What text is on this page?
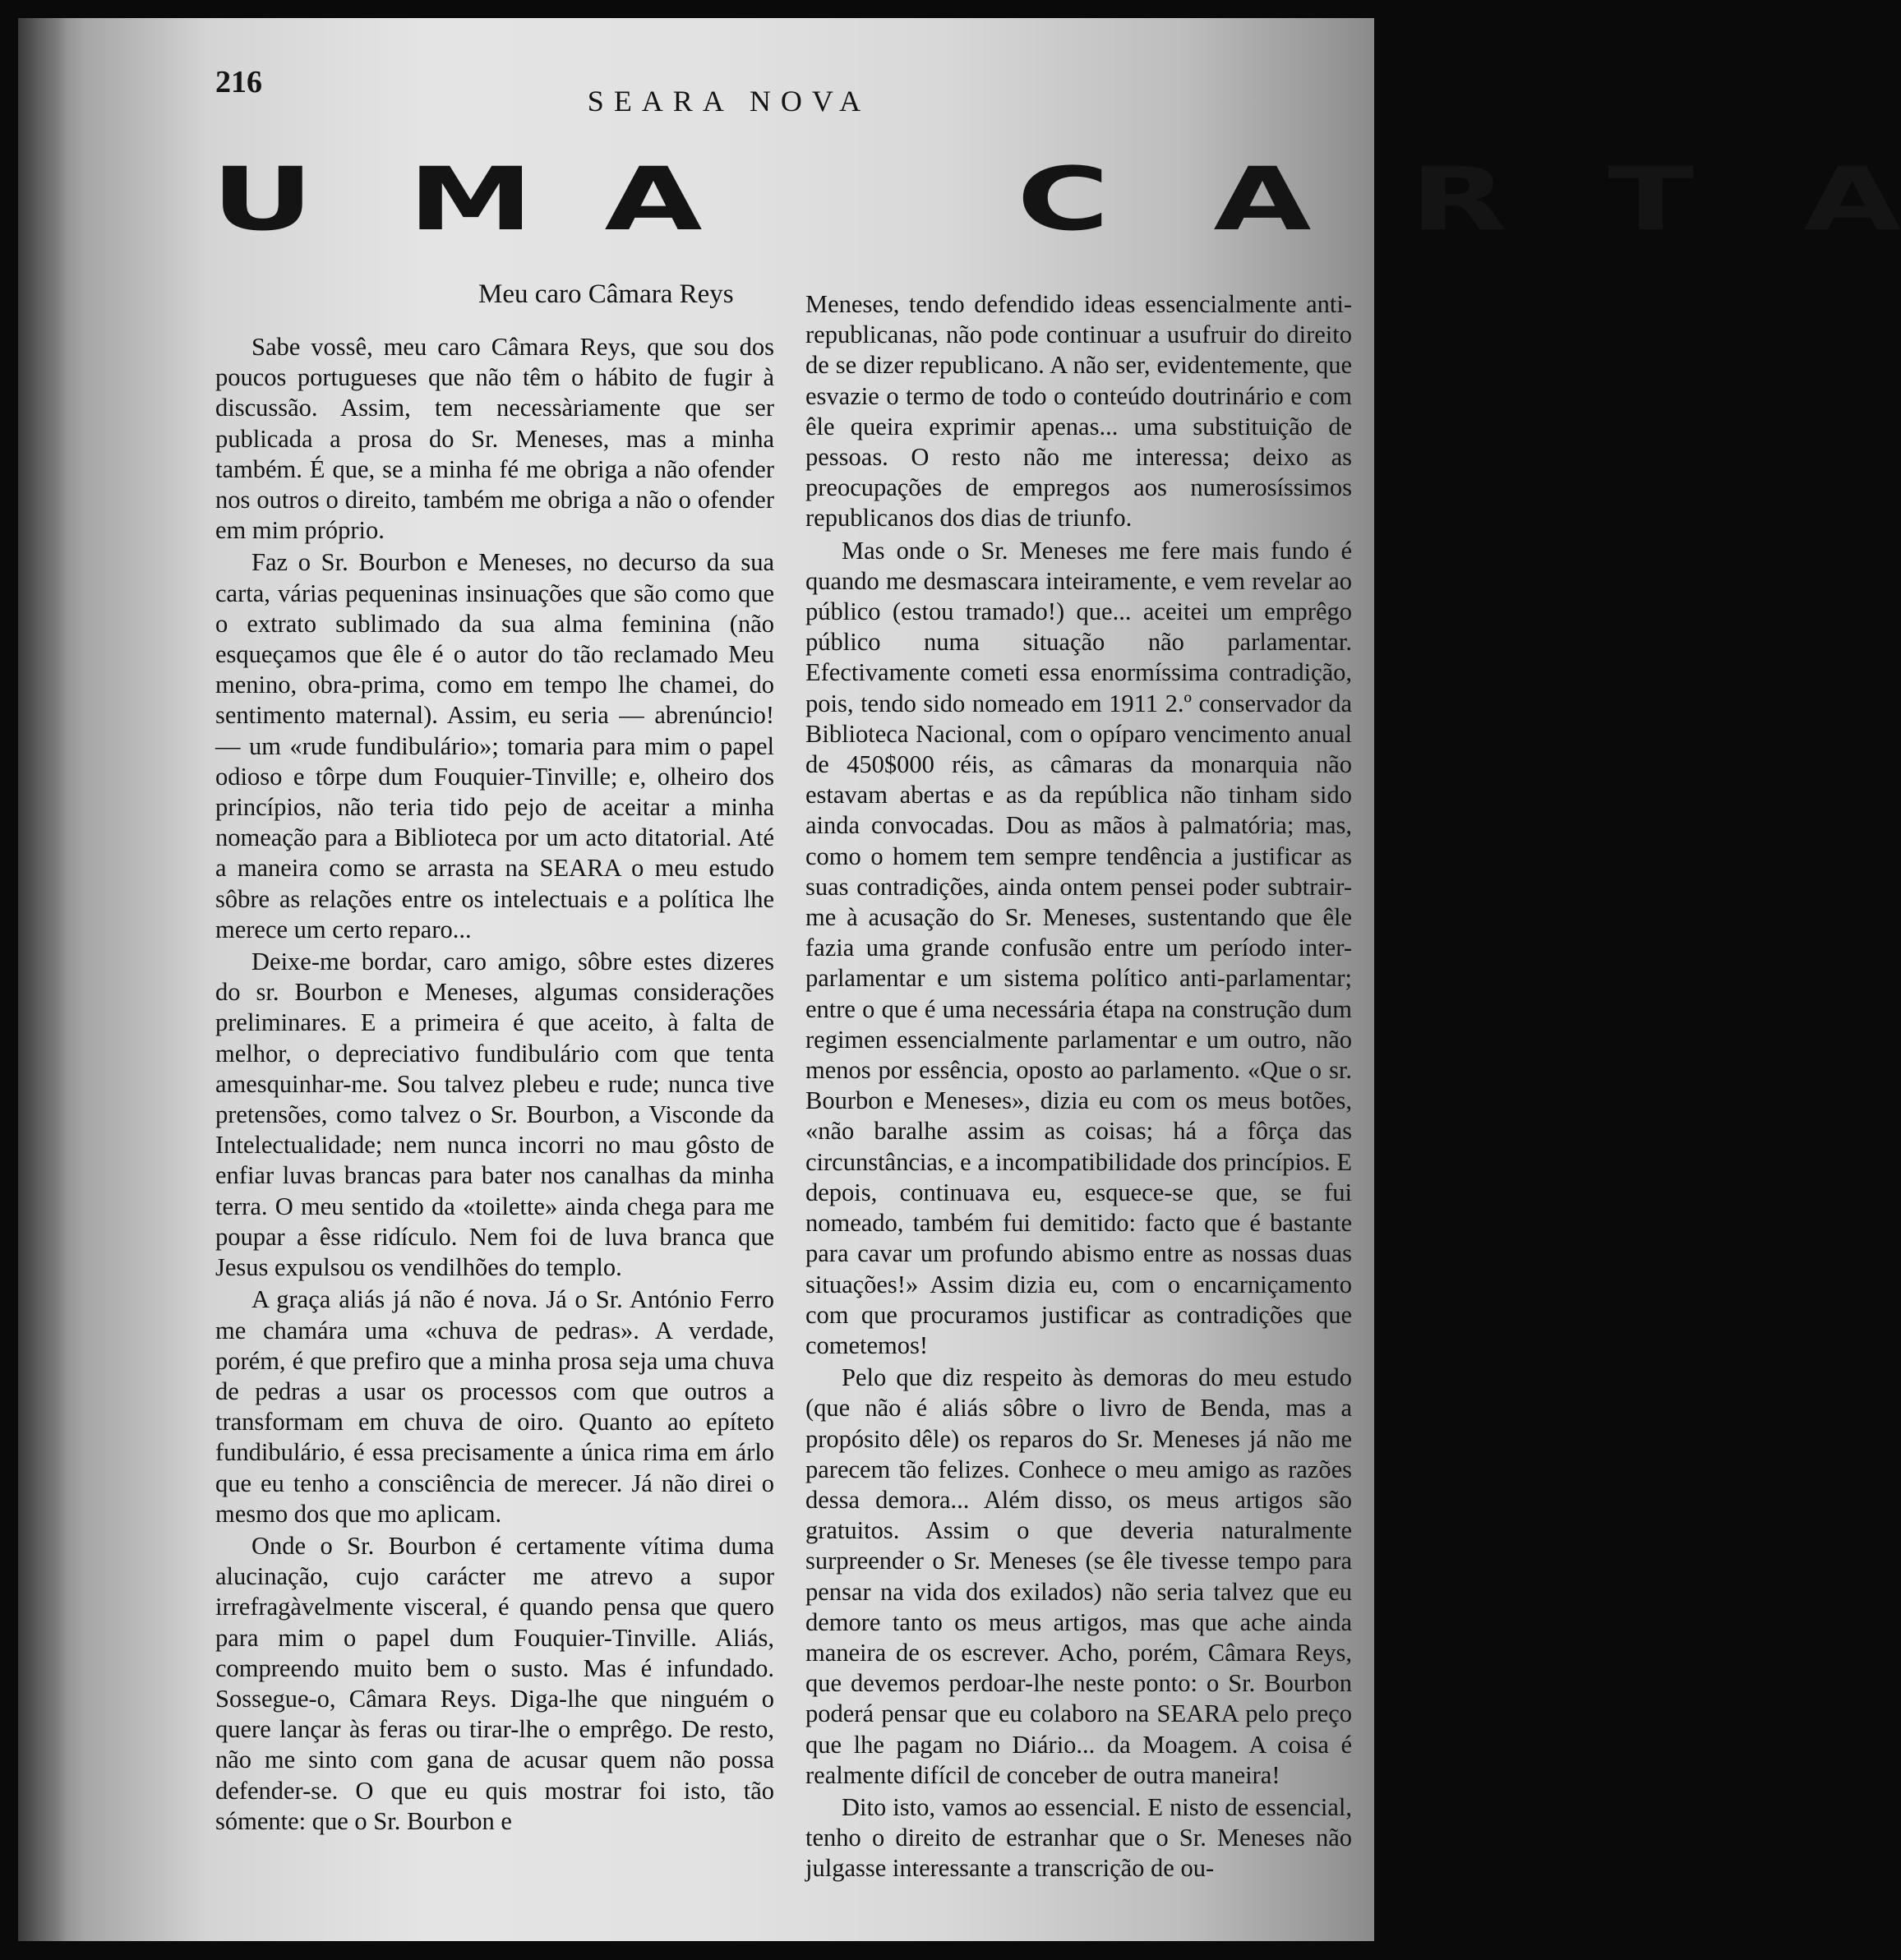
216
SEARA NOVA
U M A	C A R T A
Meu caro Câmara Reys

Sabe vossê, meu caro Câmara Reys, que sou dos poucos portugueses que não têm o hábito de fugir à discussão. Assim, tem necessàriamente que ser publicada a prosa do Sr. Meneses, mas a minha também. É que, se a minha fé me obriga a não ofender nos outros o direito, também me obriga a não o ofender em mim próprio.

Faz o Sr. Bourbon e Meneses, no decurso da sua carta, várias pequeninas insinuações que são como que o extrato sublimado da sua alma feminina (não esqueçamos que êle é o autor do tão reclamado Meu menino, obra-prima, como em tempo lhe chamei, do sentimento maternal). Assim, eu seria — abrenúncio! — um «rude fundibulário»; tomaria para mim o papel odioso e tôrpe dum Fouquier-Tinville; e, olheiro dos princípios, não teria tido pejo de aceitar a minha nomeação para a Biblioteca por um acto ditatorial. Até a maneira como se arrasta na SEARA o meu estudo sôbre as relações entre os intelectuais e a política lhe merece um certo reparo...

Deixe-me bordar, caro amigo, sôbre estes dizeres do sr. Bourbon e Meneses, algumas considerações preliminares. E a primeira é que aceito, à falta de melhor, o depreciativo fundibulário com que tenta amesquinhar-me. Sou talvez plebeu e rude; nunca tive pretensões, como talvez o Sr. Bourbon, a Visconde da Intelectualidade; nem nunca incorri no mau gôsto de enfiar luvas brancas para bater nos canalhas da minha terra. O meu sentido da «toilette» ainda chega para me poupar a êsse ridículo. Nem foi de luva branca que Jesus expulsou os vendilhões do templo.

A graça aliás já não é nova. Já o Sr. António Ferro me chamára uma «chuva de pedras». A verdade, porém, é que prefiro que a minha prosa seja uma chuva de pedras a usar os processos com que outros a transformam em chuva de oiro. Quanto ao epíteto fundibulário, é essa precisamente a única rima em árlo que eu tenho a consciência de merecer. Já não direi o mesmo dos que mo aplicam.

Onde o Sr. Bourbon é certamente vítima duma alucinação, cujo carácter me atrevo a supor irrefragàvelmente visceral, é quando pensa que quero para mim o papel dum Fouquier-Tinville. Aliás, compreendo muito bem o susto. Mas é infundado. Sossegue-o, Câmara Reys. Diga-lhe que ninguém o quere lançar às feras ou tirar-lhe o emprêgo. De resto, não me sinto com gana de acusar quem não possa defender-se. O que eu quis mostrar foi isto, tão sómente: que o Sr. Bourbon e

Meneses, tendo defendido ideas essencialmente anti-republicanas, não pode continuar a usufruir do direito de se dizer republicano. A não ser, evidentemente, que esvazie o termo de todo o conteúdo doutrinário e com êle queira exprimir apenas... uma substituição de pessoas. O resto não me interessa; deixo as preocupações de empregos aos numerosíssimos republicanos dos dias de triunfo.

Mas onde o Sr. Meneses me fere mais fundo é quando me desmascara inteiramente, e vem revelar ao público (estou tramado!) que... aceitei um emprêgo público numa situação não parlamentar. Efectivamente cometi essa enormíssima contradição, pois, tendo sido nomeado em 1911 2.º conservador da Biblioteca Nacional, com o opíparo vencimento anual de 450$000 réis, as câmaras da monarquia não estavam abertas e as da república não tinham sido ainda convocadas. Dou as mãos à palmatória; mas, como o homem tem sempre tendência a justificar as suas contradições, ainda ontem pensei poder subtrair-me à acusação do Sr. Meneses, sustentando que êle fazia uma grande confusão entre um período inter-parlamentar e um sistema político anti-parlamentar; entre o que é uma necessária étapa na construção dum regimen essencialmente parlamentar e um outro, não menos por essência, oposto ao parlamento. «Que o sr. Bourbon e Meneses», dizia eu com os meus botões, «não baralhe assim as coisas; há a fôrça das circunstâncias, e a incompatibilidade dos princípios. E depois, continuava eu, esquece-se que, se fui nomeado, também fui demitido: facto que é bastante para cavar um profundo abismo entre as nossas duas situações!» Assim dizia eu, com o encarniçamento com que procuramos justificar as contradições que cometemos!

Pelo que diz respeito às demoras do meu estudo (que não é aliás sôbre o livro de Benda, mas a propósito dêle) os reparos do Sr. Meneses já não me parecem tão felizes. Conhece o meu amigo as razões dessa demora... Além disso, os meus artigos são gratuitos. Assim o que deveria naturalmente surpreender o Sr. Meneses (se êle tivesse tempo para pensar na vida dos exilados) não seria talvez que eu demore tanto os meus artigos, mas que ache ainda maneira de os escrever. Acho, porém, Câmara Reys, que devemos perdoar-lhe neste ponto: o Sr. Bourbon poderá pensar que eu colaboro na SEARA pelo preço que lhe pagam no Diário... da Moagem. A coisa é realmente difícil de conceber de outra maneira!

Dito isto, vamos ao essencial. E nisto de essencial, tenho o direito de estranhar que o Sr. Meneses não julgasse interessante a transcrição de ou-
